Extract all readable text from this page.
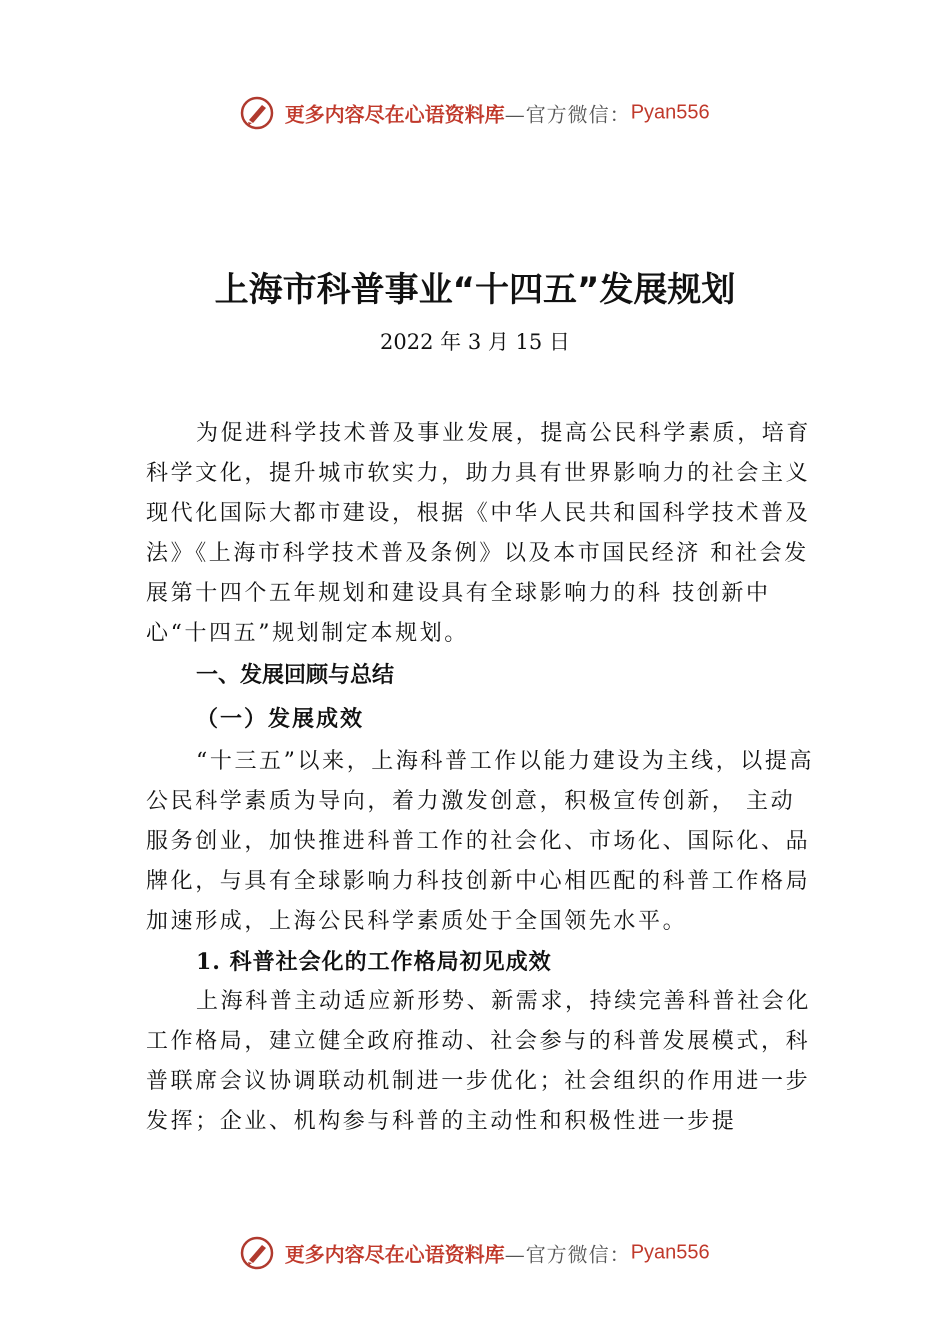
更多内容尽在心语资料库—官方微信：Pyan556
上海市科普事业“十四五”发展规划
2022 年 3 月 15 日

为促进科学技术普及事业发展，提高公民科学素质，培育科学文化，提升城市软实力，助力具有世界影响力的社会主义现代化国际大都市建设，根据《中华人民共和国科学技术普及法》《上海市科学技术普及条例》以及本市国民经济 和社会发展第十四个五年规划和建设具有全球影响力的科 技创新中心“十四五”规划制定本规划。

一、发展回顾与总结

（一）发展成效

“十三五”以来，上海科普工作以能力建设为主线，以提高公民科学素质为导向，着力激发创意，积极宣传创新， 主动服务创业，加快推进科普工作的社会化、市场化、国际化、品牌化，与具有全球影响力科技创新中心相匹配的科普工作格局加速形成，上海公民科学素质处于全国领先水平。

1. 科普社会化的工作格局初见成效

上海科普主动适应新形势、新需求，持续完善科普社会化工作格局，建立健全政府推动、社会参与的科普发展模式，科普联席会议协调联动机制进一步优化；社会组织的作用进一步发挥；企业、机构参与科普的主动性和积极性进一步提

更多内容尽在心语资料库—官方微信：Pyan556
